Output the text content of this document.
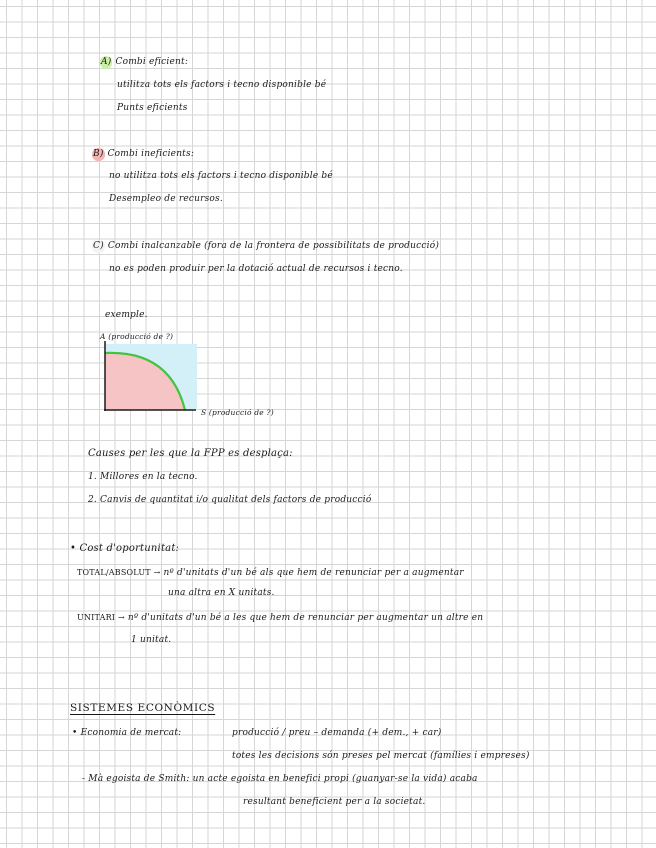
A) Combi eficient:
utilitza tots els factors i tecno disponible bé
Punts eficients
B) Combi ineficients:
no utilitza tots els factors i tecno disponible bé
Desempleo de recursos.
C) Combi inalcanzable (fora de la frontera de possibilitats de producció)
no es poden produir per la dotació actual de recursos i tecno.
exemple.
A (producció de ?)
S (producció de ?)
Causes per les que la FPP es desplaça:
1. Millores en la tecno.
2. Canvis de quantitat i/o qualitat dels factors de producció
• Cost d'oportunitat:
TOTAL/ABSOLUT → nº d'unitats d'un bé als que hem de renunciar per a augmentar
una altra en X unitats.
UNITARI → nº d'unitats d'un bé a les que hem de renunciar per augmentar un altre en
1 unitat.
SISTEMES ECONÒMICS
• Economia de mercat:	producció / preu – demanda (+ dem., + car)
totes les decisions són preses pel mercat (famílies i empreses)
- Mà egoista de Smith: un acte egoista en benefici propi (guanyar-se la vida) acaba
resultant beneficient per a la societat.
